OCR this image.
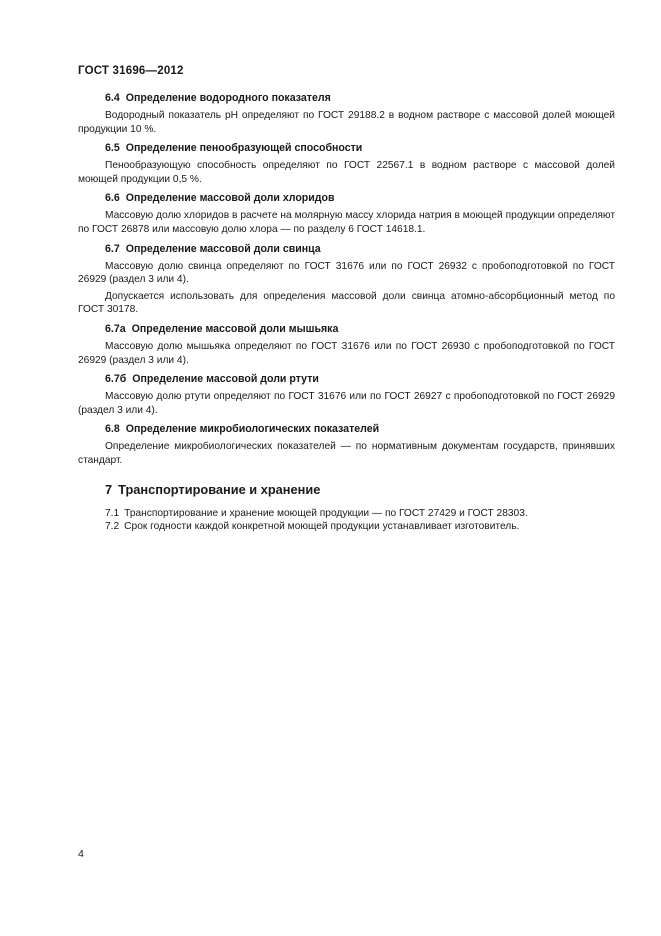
ГОСТ 31696—2012
6.4 Определение водородного показателя

Водородный показатель рН определяют по ГОСТ 29188.2 в водном растворе с массовой долей моющей продукции 10 %.

6.5 Определение пенообразующей способности

Пенообразующую способность определяют по ГОСТ 22567.1 в водном растворе с массовой долей моющей продукции 0,5 %.

6.6 Определение массовой доли хлоридов

Массовую долю хлоридов в расчете на молярную массу хлорида натрия в моющей продукции определяют по ГОСТ 26878 или массовую долю хлора — по разделу 6 ГОСТ 14618.1.

6.7 Определение массовой доли свинца

Массовую долю свинца определяют по ГОСТ 31676 или по ГОСТ 26932 с пробоподготовкой по ГОСТ 26929 (раздел 3 или 4).

Допускается использовать для определения массовой доли свинца атомно-абсорбционный метод по ГОСТ 30178.

6.7а Определение массовой доли мышьяка

Массовую долю мышьяка определяют по ГОСТ 31676 или по ГОСТ 26930 с пробоподготовкой по ГОСТ 26929 (раздел 3 или 4).

6.7б Определение массовой доли ртути

Массовую долю ртути определяют по ГОСТ 31676 или по ГОСТ 26927 с пробоподготовкой по ГОСТ 26929 (раздел 3 или 4).

6.8 Определение микробиологических показателей

Определение микробиологических показателей — по нормативным документам государств, принявших стандарт.

7 Транспортирование и хранение

7.1 Транспортирование и хранение моющей продукции — по ГОСТ 27429 и ГОСТ 28303.

7.2 Срок годности каждой конкретной моющей продукции устанавливает изготовитель.

4
